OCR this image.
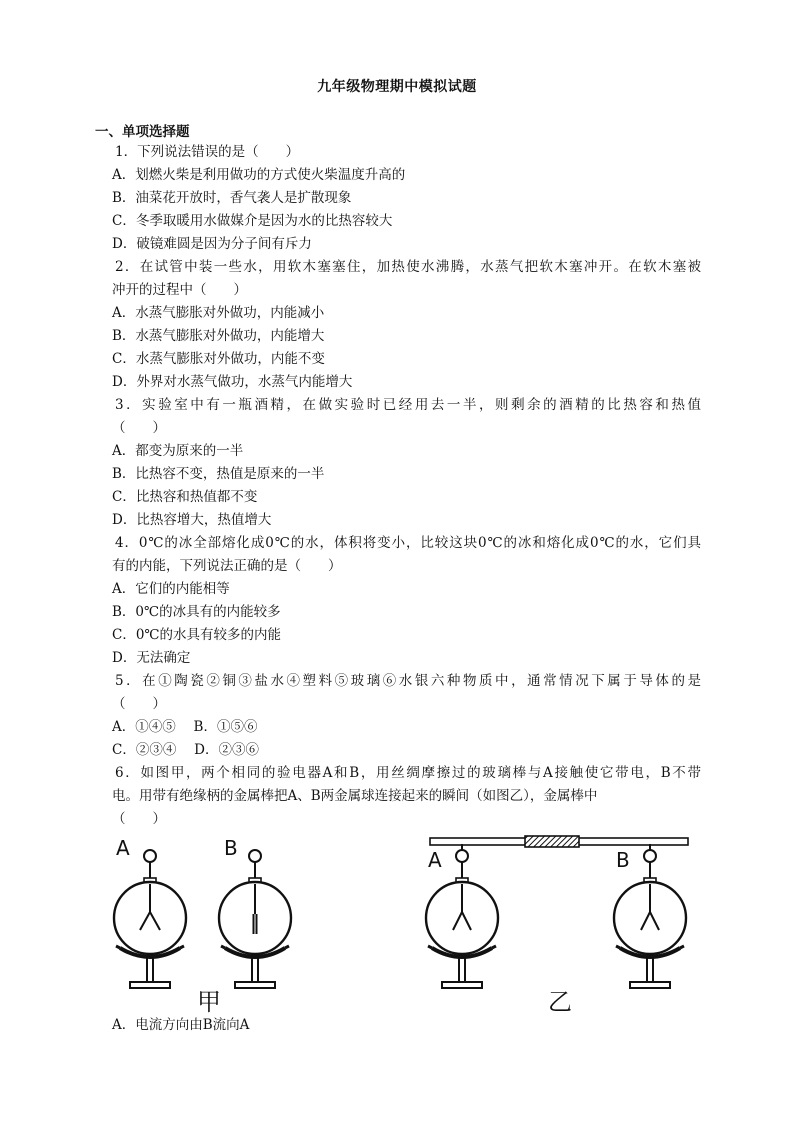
九年级物理期中模拟试题
一、单项选择题
1．下列说法错误的是（　　）
A．划燃火柴是利用做功的方式使火柴温度升高的
B．油菜花开放时，香气袭人是扩散现象
C．冬季取暖用水做媒介是因为水的比热容较大
D．破镜难圆是因为分子间有斥力
2．在试管中装一些水，用软木塞塞住，加热使水沸腾，水蒸气把软木塞冲开。在软木塞被
冲开的过程中（　　）
A．水蒸气膨胀对外做功，内能减小
B．水蒸气膨胀对外做功，内能增大
C．水蒸气膨胀对外做功，内能不变
D．外界对水蒸气做功，水蒸气内能增大
3．实验室中有一瓶酒精，在做实验时已经用去一半，则剩余的酒精的比热容和热值
（　　）
A．都变为原来的一半
B．比热容不变，热值是原来的一半
C．比热容和热值都不变
D．比热容增大，热值增大
4．0℃的冰全部熔化成0℃的水，体积将变小，比较这块0℃的冰和熔化成0℃的水，它们具
有的内能，下列说法正确的是（　　）
A．它们的内能相等
B．0℃的冰具有的内能较多
C．0℃的水具有较多的内能
D．无法确定
5．在①陶瓷②铜③盐水④塑料⑤玻璃⑥水银六种物质中，通常情况下属于导体的是
（　　）
A．①④⑤　 B．①⑤⑥
C．②③④　 D．②③⑥
6．如图甲，两个相同的验电器A和B，用丝绸摩擦过的玻璃棒与A接触使它带电，B不带
电。用带有绝缘柄的金属棒把A、B两金属球连接起来的瞬间（如图乙），金属棒中
（　　）
A	B	A	B
甲	乙
A．电流方向由B流向A
